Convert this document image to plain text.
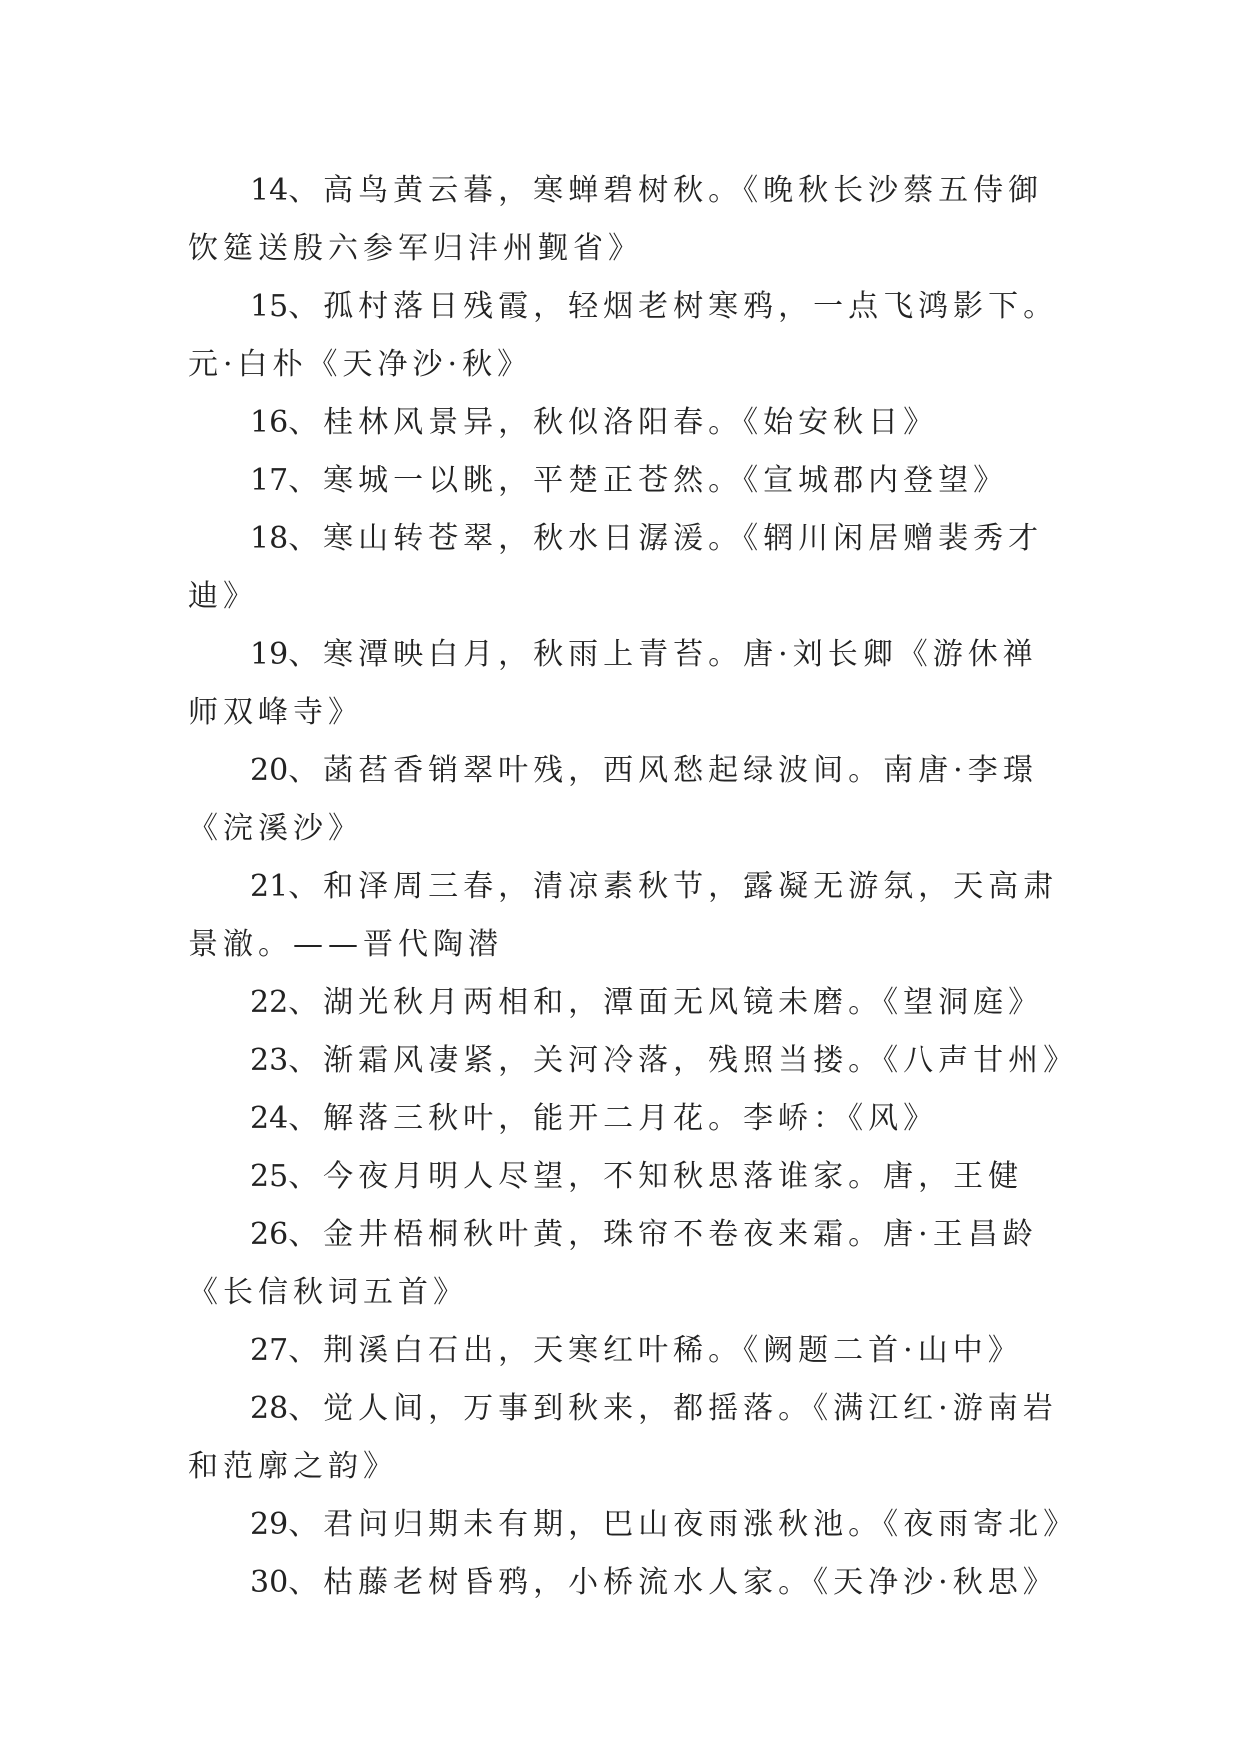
14、高鸟黄云暮，寒蝉碧树秋。《晚秋长沙蔡五侍御饮筵送殷六参军归沣州觐省》

15、孤村落日残霞，轻烟老树寒鸦，一点飞鸿影下。元·白朴《天净沙·秋》

16、桂林风景异，秋似洛阳春。《始安秋日》

17、寒城一以眺，平楚正苍然。《宣城郡内登望》

18、寒山转苍翠，秋水日潺湲。《辋川闲居赠裴秀才迪》

19、寒潭映白月，秋雨上青苔。唐·刘长卿《游休禅师双峰寺》

20、菡萏香销翠叶残，西风愁起绿波间。南唐·李璟《浣溪沙》

21、和泽周三春，清凉素秋节，露凝无游氛，天高肃景澈。——晋代陶潜

22、湖光秋月两相和，潭面无风镜未磨。《望洞庭》

23、渐霜风凄紧，关河冷落，残照当搂。《八声甘州》

24、解落三秋叶，能开二月花。李峤：《风》

25、今夜月明人尽望，不知秋思落谁家。唐，王健

26、金井梧桐秋叶黄，珠帘不卷夜来霜。唐·王昌龄《长信秋词五首》

27、荆溪白石出，天寒红叶稀。《阙题二首·山中》

28、觉人间，万事到秋来，都摇落。《满江红·游南岩和范廓之韵》

29、君问归期未有期，巴山夜雨涨秋池。《夜雨寄北》

30、枯藤老树昏鸦，小桥流水人家。《天净沙·秋思》
